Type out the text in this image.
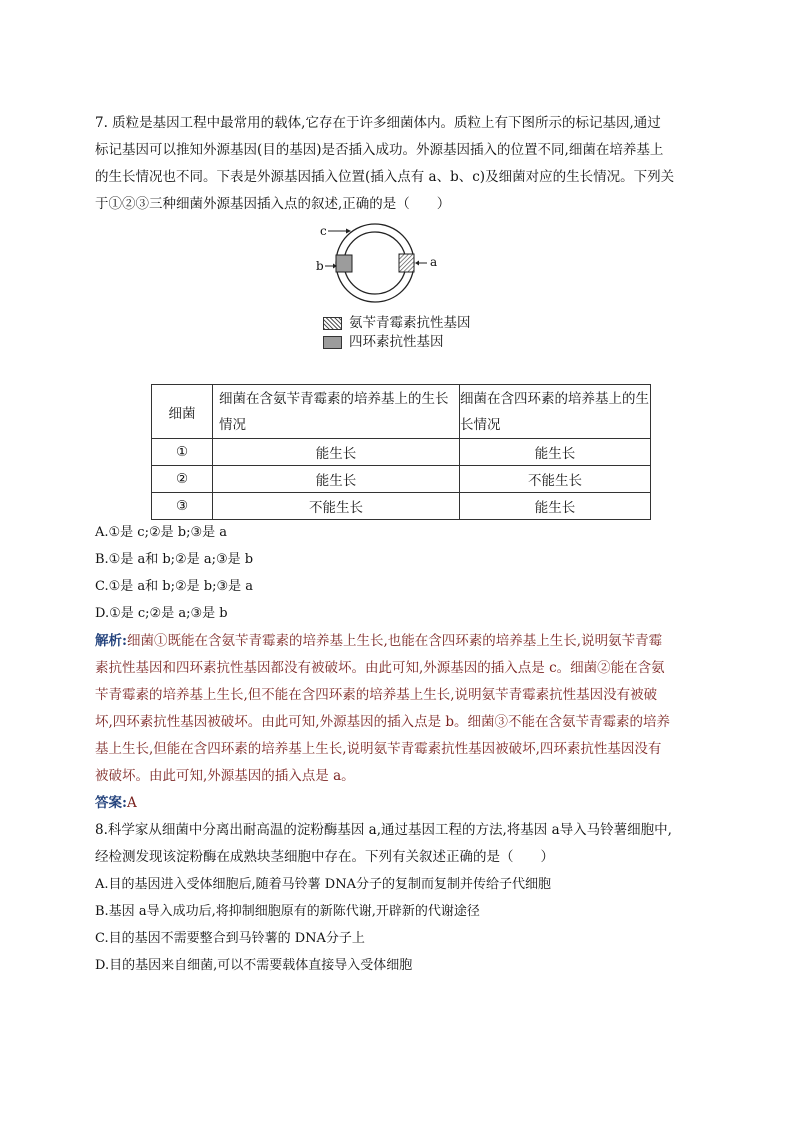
7. 质粒是基因工程中最常用的载体,它存在于许多细菌体内。质粒上有下图所示的标记基因,通过
标记基因可以推知外源基因(目的基因)是否插入成功。外源基因插入的位置不同,细菌在培养基上
的生长情况也不同。下表是外源基因插入位置(插入点有 a、b、c)及细菌对应的生长情况。下列关
于①②③三种细菌外源基因插入点的叙述,正确的是（　　）
c
b	a
氨苄青霉素抗性基因
四环素抗性基因
细菌	细菌在含氨苄青霉素的培养基上的生长情况	细菌在含四环素的培养基上的生长情况
①	能生长	能生长
②	能生长	不能生长
③	不能生长	能生长
A.①是 c;②是 b;③是 a
B.①是 a和 b;②是 a;③是 b
C.①是 a和 b;②是 b;③是 a
D.①是 c;②是 a;③是 b
解析:细菌①既能在含氨苄青霉素的培养基上生长,也能在含四环素的培养基上生长,说明氨苄青霉
素抗性基因和四环素抗性基因都没有被破坏。由此可知,外源基因的插入点是 c。细菌②能在含氨
苄青霉素的培养基上生长,但不能在含四环素的培养基上生长,说明氨苄青霉素抗性基因没有被破
坏,四环素抗性基因被破坏。由此可知,外源基因的插入点是 b。细菌③不能在含氨苄青霉素的培养
基上生长,但能在含四环素的培养基上生长,说明氨苄青霉素抗性基因被破坏,四环素抗性基因没有
被破坏。由此可知,外源基因的插入点是 a。
答案:A
8.科学家从细菌中分离出耐高温的淀粉酶基因 a,通过基因工程的方法,将基因 a导入马铃薯细胞中,
经检测发现该淀粉酶在成熟块茎细胞中存在。下列有关叙述正确的是（　　）
A.目的基因进入受体细胞后,随着马铃薯 DNA分子的复制而复制并传给子代细胞
B.基因 a导入成功后,将抑制细胞原有的新陈代谢,开辟新的代谢途径
C.目的基因不需要整合到马铃薯的 DNA分子上
D.目的基因来自细菌,可以不需要载体直接导入受体细胞
